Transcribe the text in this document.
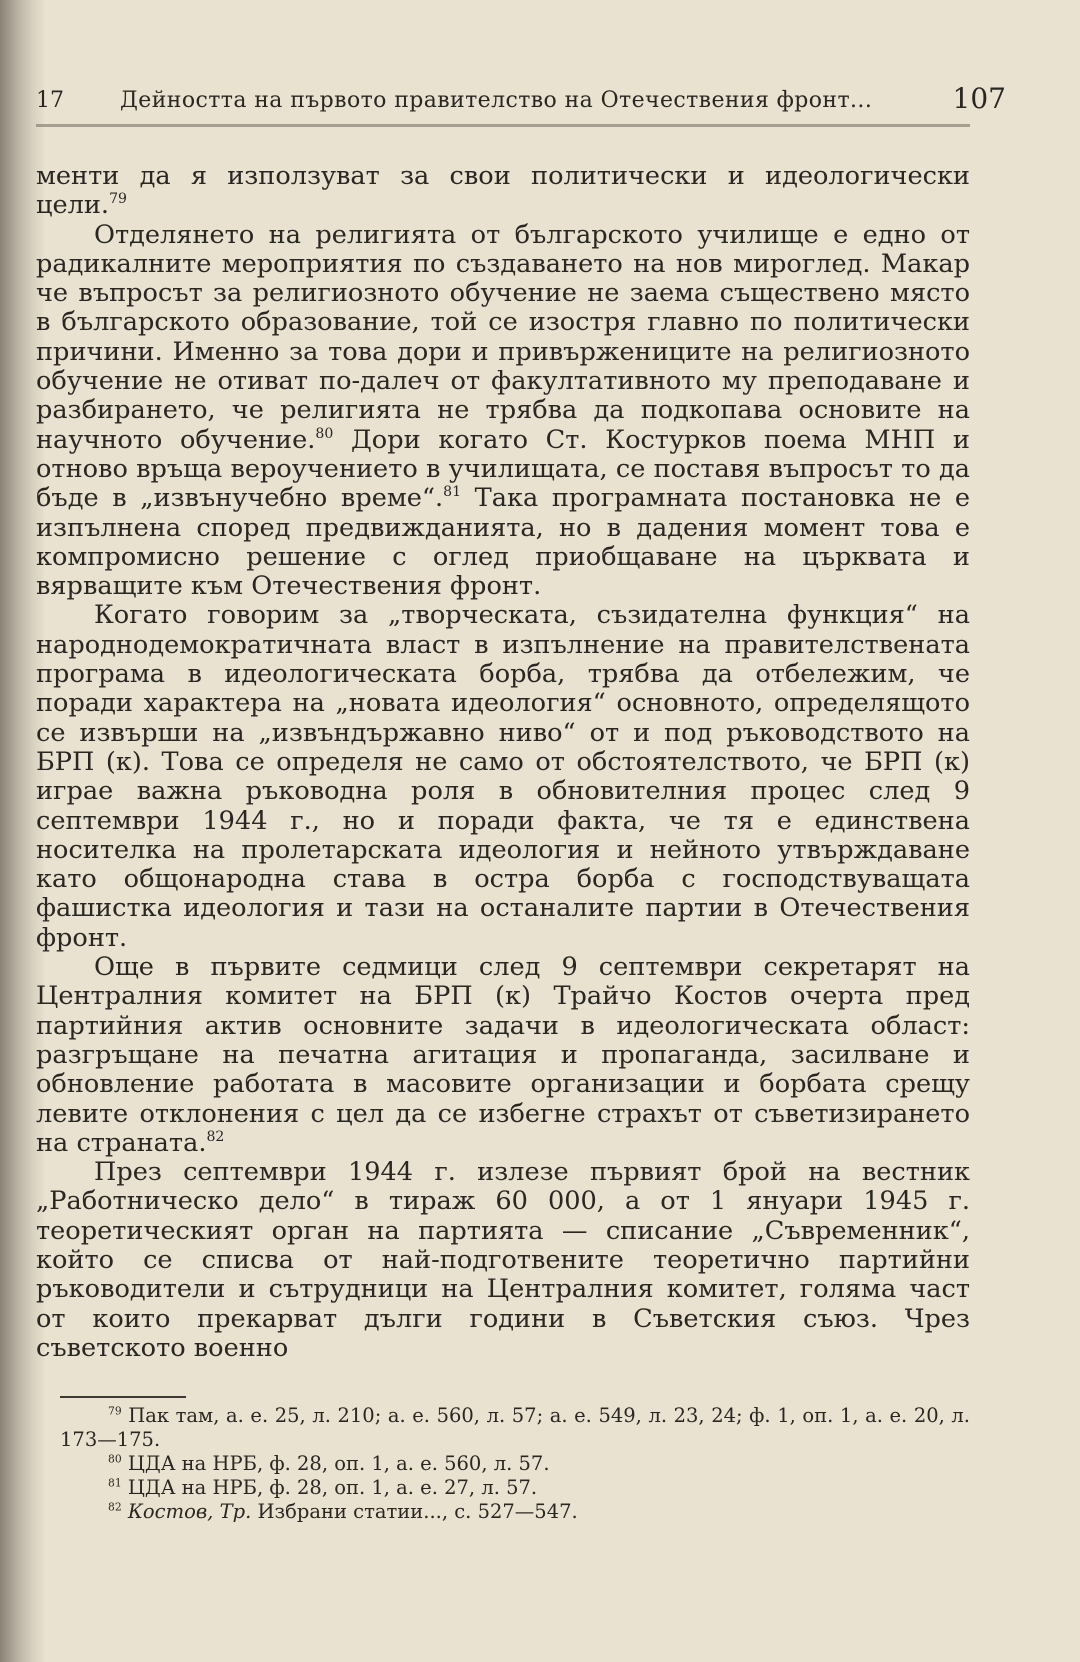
17	Дейността на първото правителство на Отечествения фронт...	107

менти да я използуват за свои политически и идеологически цели.$^{79}$

Отделянето на религията от българското училище е едно от радикалните мероприятия по създаването на нов мироглед. Макар че въпросът за религиозното обучение не заема съществено място в българското образование, той се изостря главно по политически причини. Именно за това дори и привържениците на религиозното обучение не отиват по-далеч от факултативното му преподаване и разбирането, че религията не трябва да подкопава основите на научното обучение.$^{80}$ Дори когато Ст. Костурков поема МНП и отново връща вероучението в училищата, се поставя въпросът то да бъде в „извънучебно време“.$^{81}$ Така програмната постановка не е изпълнена според предвижданията, но в дадения момент това е компромисно решение с оглед приобщаване на църквата и вярващите към Отечествения фронт.

Когато говорим за „творческата, съзидателна функция“ на народнодемократичната власт в изпълнение на правителствената програма в идеологическата борба, трябва да отбележим, че поради характера на „новата идеология“ основното, определящото се извърши на „извъндържавно ниво“ от и под ръководството на БРП (к). Това се определя не само от обстоятелството, че БРП (к) играе важна ръководна роля в обновителния процес след 9 септември 1944 г., но и поради факта, че тя е единствена носителка на пролетарската идеология и нейното утвърждаване като общонародна става в остра борба с господствуващата фашистка идеология и тази на останалите партии в Отечествения фронт.

Още в първите седмици след 9 септември секретарят на Централния комитет на БРП (к) Трайчо Костов очерта пред партийния актив основните задачи в идеологическата област: разгръщане на печатна агитация и пропаганда, засилване и обновление работата в масовите организации и борбата срещу левите отклонения с цел да се избегне страхът от съветизирането на страната.$^{82}$

През септември 1944 г. излезе първият брой на вестник „Работническо дело“ в тираж 60 000, а от 1 януари 1945 г. теоретическият орган на партията — списание „Съвременник“, който се списва от най-подготвените теоретично партийни ръководители и сътрудници на Централния комитет, голяма част от които прекарват дълги години в Съветския съюз. Чрез съветското военно

$^{79}$ Пак там, а. е. 25, л. 210; а. е. 560, л. 57; а. е. 549, л. 23, 24; ф. 1, оп. 1, а. е. 20, л. 173—175.

$^{80}$ ЦДА на НРБ, ф. 28, оп. 1, а. е. 560, л. 57.

$^{81}$ ЦДА на НРБ, ф. 28, оп. 1, а. е. 27, л. 57.

$^{82}$ Костов, Тр. Избрани статии..., с. 527—547.
